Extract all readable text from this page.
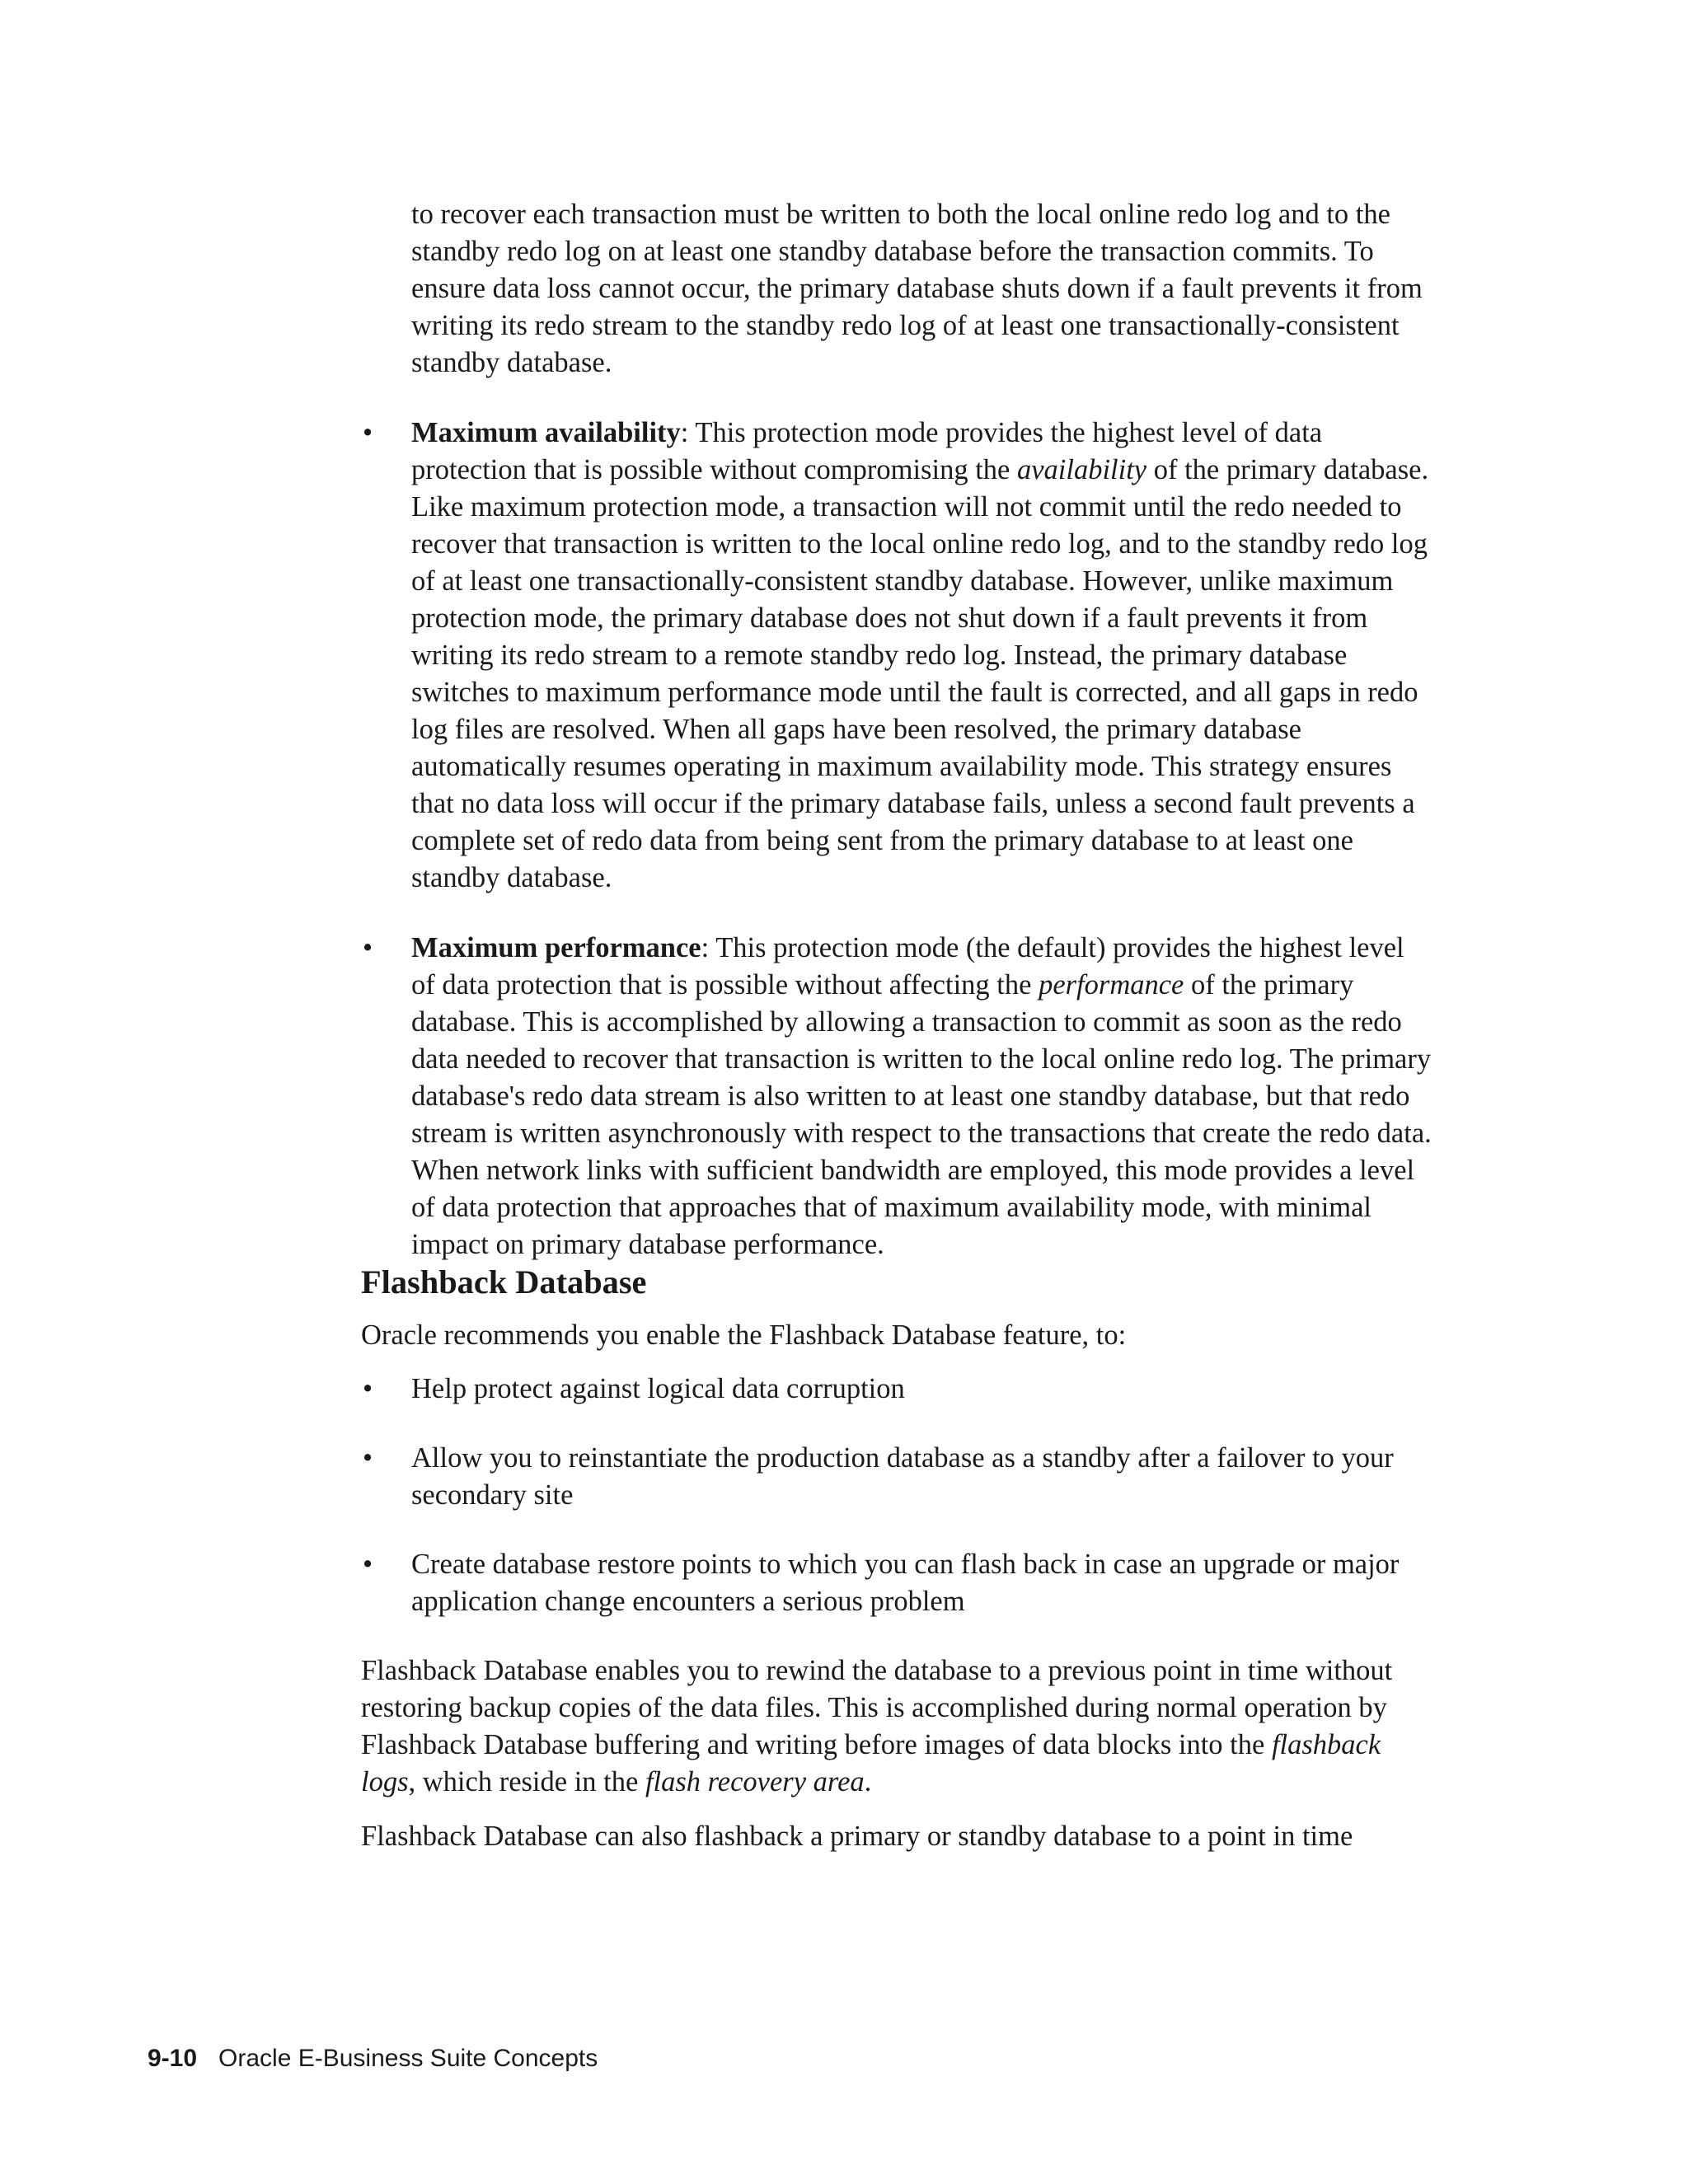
to recover each transaction must be written to both the local online redo log and to the standby redo log on at least one standby database before the transaction commits. To ensure data loss cannot occur, the primary database shuts down if a fault prevents it from writing its redo stream to the standby redo log of at least one transactionally-consistent standby database.

•	Maximum availability: This protection mode provides the highest level of data protection that is possible without compromising the availability of the primary database. Like maximum protection mode, a transaction will not commit until the redo needed to recover that transaction is written to the local online redo log, and to the standby redo log of at least one transactionally-consistent standby database. However, unlike maximum protection mode, the primary database does not shut down if a fault prevents it from writing its redo stream to a remote standby redo log. Instead, the primary database switches to maximum performance mode until the fault is corrected, and all gaps in redo log files are resolved. When all gaps have been resolved, the primary database automatically resumes operating in maximum availability mode. This strategy ensures that no data loss will occur if the primary database fails, unless a second fault prevents a complete set of redo data from being sent from the primary database to at least one standby database.
•	Maximum performance: This protection mode (the default) provides the highest level of data protection that is possible without affecting the performance of the primary database. This is accomplished by allowing a transaction to commit as soon as the redo data needed to recover that transaction is written to the local online redo log. The primary database's redo data stream is also written to at least one standby database, but that redo stream is written asynchronously with respect to the transactions that create the redo data. When network links with sufficient bandwidth are employed, this mode provides a level of data protection that approaches that of maximum availability mode, with minimal impact on primary database performance.
Flashback Database

Oracle recommends you enable the Flashback Database feature, to:

•	Help protect against logical data corruption
•	Allow you to reinstantiate the production database as a standby after a failover to your secondary site
•	Create database restore points to which you can flash back in case an upgrade or major application change encounters a serious problem

Flashback Database enables you to rewind the database to a previous point in time without restoring backup copies of the data files. This is accomplished during normal operation by Flashback Database buffering and writing before images of data blocks into the flashback logs, which reside in the flash recovery area.

Flashback Database can also flashback a primary or standby database to a point in time

9-10 Oracle E-Business Suite Concepts
